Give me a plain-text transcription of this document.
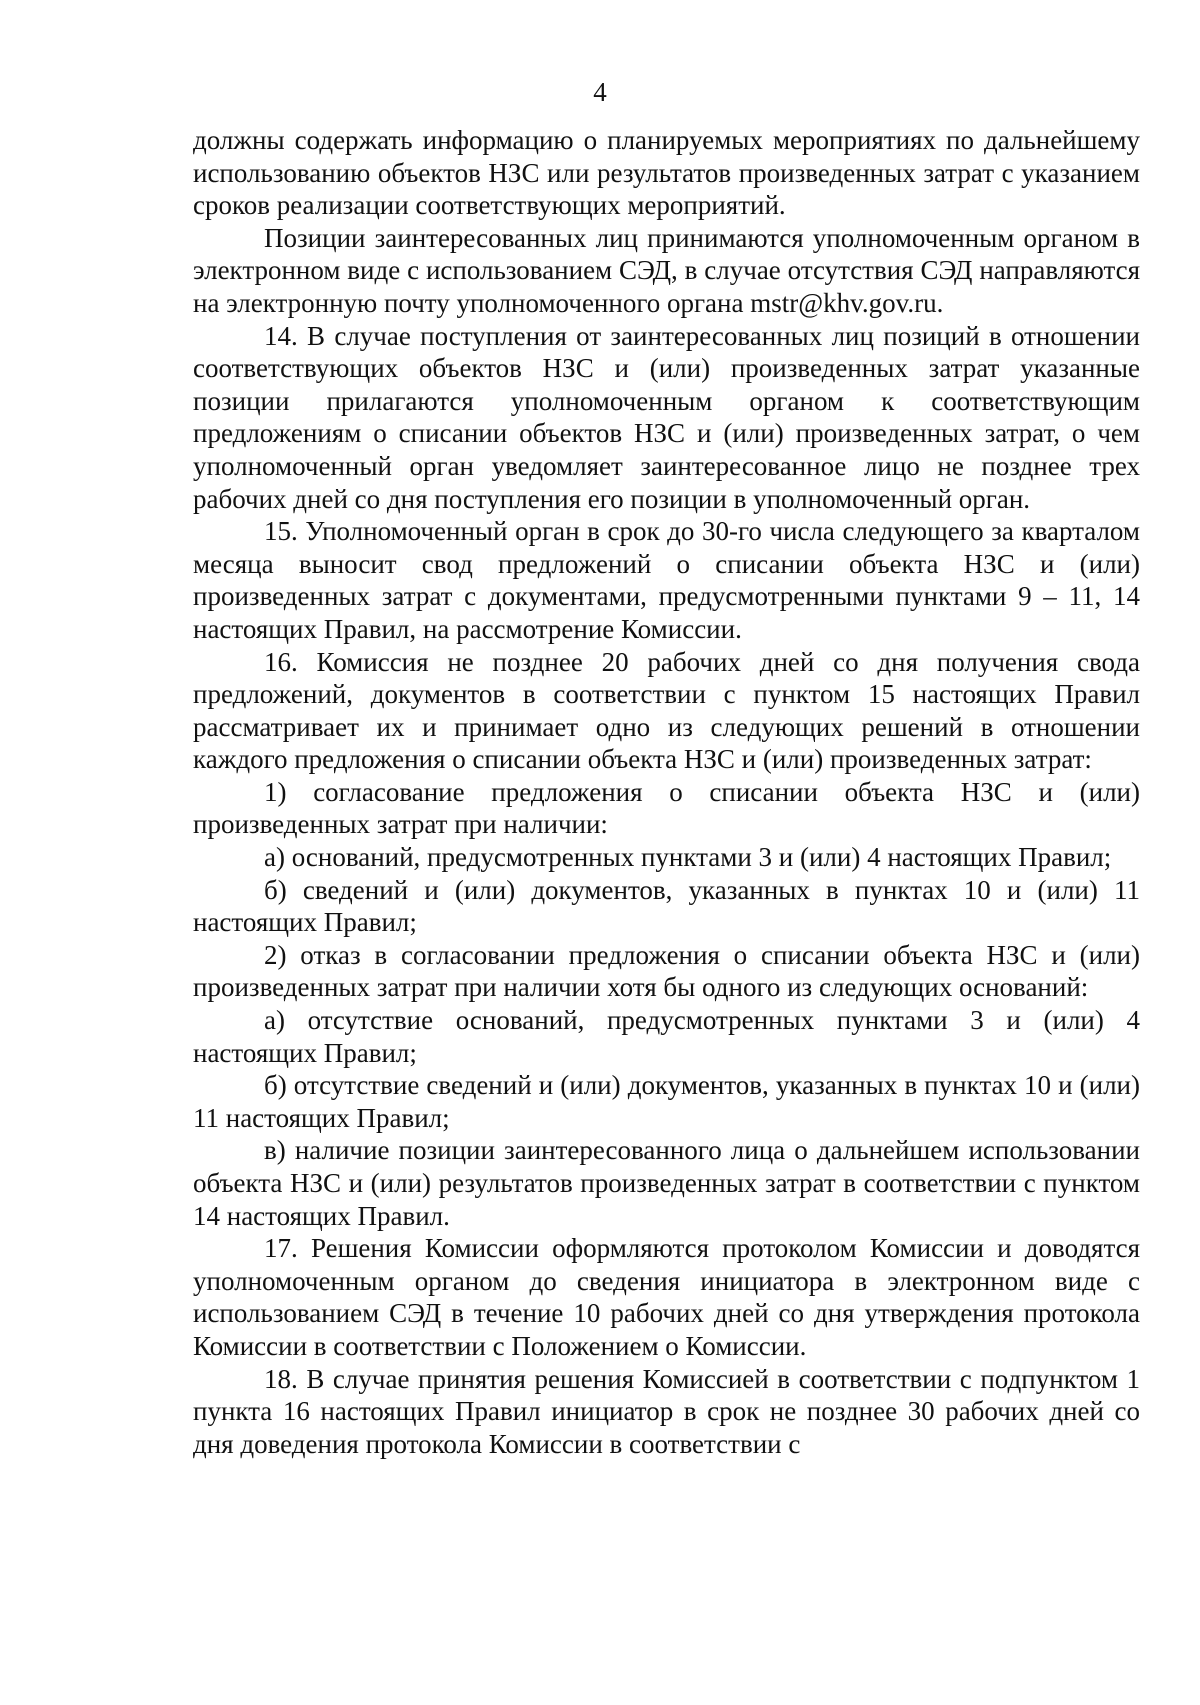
4

должны содержать информацию о планируемых мероприятиях по дальнейшему использованию объектов НЗС или результатов произведенных затрат с указанием сроков реализации соответствующих мероприятий.

Позиции заинтересованных лиц принимаются уполномоченным органом в электронном виде с использованием СЭД, в случае отсутствия СЭД направляются на электронную почту уполномоченного органа mstr@khv.gov.ru.

14. В случае поступления от заинтересованных лиц позиций в отношении соответствующих объектов НЗС и (или) произведенных затрат указанные позиции прилагаются уполномоченным органом к соответствующим предложениям о списании объектов НЗС и (или) произведенных затрат, о чем уполномоченный орган уведомляет заинтересованное лицо не позднее трех рабочих дней со дня поступления его позиции в уполномоченный орган.

15. Уполномоченный орган в срок до 30-го числа следующего за кварталом месяца выносит свод предложений о списании объекта НЗС и (или) произведенных затрат с документами, предусмотренными пунктами 9 – 11, 14 настоящих Правил, на рассмотрение Комиссии.

16. Комиссия не позднее 20 рабочих дней со дня получения свода предложений, документов в соответствии с пунктом 15 настоящих Правил рассматривает их и принимает одно из следующих решений в отношении каждого предложения о списании объекта НЗС и (или) произведенных затрат:

1) согласование предложения о списании объекта НЗС и (или) произведенных затрат при наличии:

а) оснований, предусмотренных пунктами 3 и (или) 4 настоящих Правил;

б) сведений и (или) документов, указанных в пунктах 10 и (или) 11 настоящих Правил;

2) отказ в согласовании предложения о списании объекта НЗС и (или) произведенных затрат при наличии хотя бы одного из следующих оснований:

а) отсутствие оснований, предусмотренных пунктами 3 и (или) 4 настоящих Правил;

б) отсутствие сведений и (или) документов, указанных в пунктах 10 и (или) 11 настоящих Правил;

в) наличие позиции заинтересованного лица о дальнейшем использовании объекта НЗС и (или) результатов произведенных затрат в соответствии с пунктом 14 настоящих Правил.

17. Решения Комиссии оформляются протоколом Комиссии и доводятся уполномоченным органом до сведения инициатора в электронном виде с использованием СЭД в течение 10 рабочих дней со дня утверждения протокола Комиссии в соответствии с Положением о Комиссии.

18. В случае принятия решения Комиссией в соответствии с подпунктом 1 пункта 16 настоящих Правил инициатор в срок не позднее 30 рабочих дней со дня доведения протокола Комиссии в соответствии с
